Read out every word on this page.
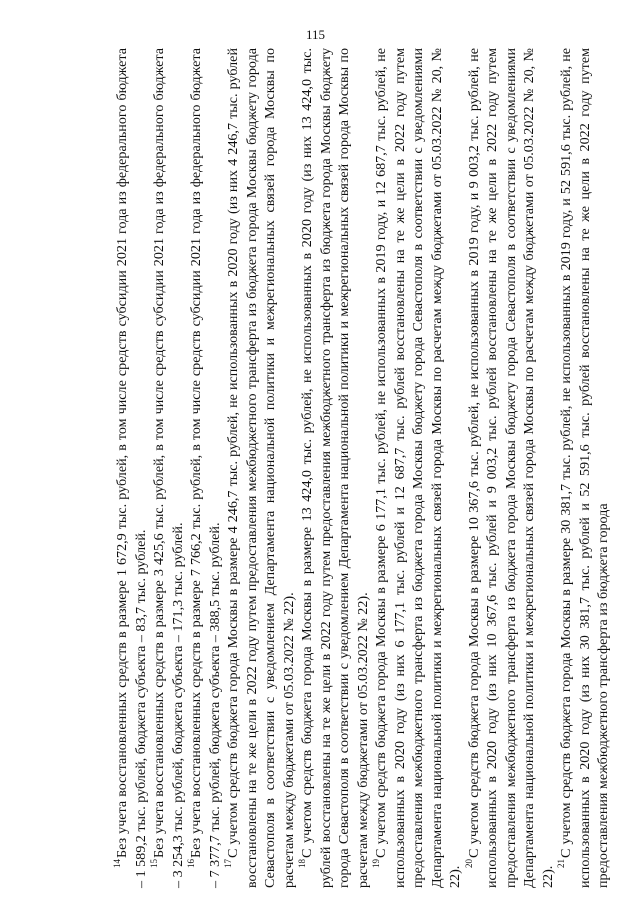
115

$^{14}$Без учета восстановленных средств в размере 1 672,9 тыс. рублей, в том числе средств субсидии 2021 года из федерального бюджета – 1 589,2 тыс. рублей, бюджета субъекта – 83,7 тыс. рублей. $^{15}$Без учета восстановленных средств в размере 3 425,6 тыс. рублей, в том числе средств субсидии 2021 года из федерального бюджета – 3 254,3 тыс. рублей, бюджета субъекта – 171,3 тыс. рублей. $^{16}$Без учета восстановленных средств в размере 7 766,2 тыс. рублей, в том числе средств субсидии 2021 года из федерального бюджета – 7 377,7 тыс. рублей, бюджета субъекта – 388,5 тыс. рублей. $^{17}$С учетом средств бюджета города Москвы в размере 4 246,7 тыс. рублей, не использованных в 2020 году (из них 4 246,7 тыс. рублей восстановлены на те же цели в 2022 году путем предоставления межбюджетного трансферта из бюджета города Москвы бюджету города Севастополя в соответствии с уведомлением Департамента национальной политики и межрегиональных связей города Москвы по расчетам между бюджетами от 05.03.2022 № 22). $^{18}$С учетом средств бюджета города Москвы в размере 13 424,0 тыс. рублей, не использованных в 2020 году (из них 13 424,0 тыс. рублей восстановлены на те же цели в 2022 году путем предоставления межбюджетного трансферта из бюджета города Москвы бюджету города Севастополя в соответствии с уведомлением Департамента национальной политики и межрегиональных связей города Москвы по расчетам между бюджетами от 05.03.2022 № 22). $^{19}$С учетом средств бюджета города Москвы в размере 6 177,1 тыс. рублей, не использованных в 2019 году, и 12 687,7 тыс. рублей, не использованных в 2020 году (из них 6 177,1 тыс. рублей и 12 687,7 тыс. рублей восстановлены на те же цели в 2022 году путем предоставления межбюджетного трансферта из бюджета города Москвы бюджету города Севастополя в соответствии с уведомлениями Департамента национальной политики и межрегиональных связей города Москвы по расчетам между бюджетами от 05.03.2022 № 20, № 22).

$^{20}$С учетом средств бюджета города Москвы в размере 10 367,6 тыс. рублей, не использованных в 2019 году, и 9 003,2 тыс. рублей, не использованных в 2020 году (из них 10 367,6 тыс. рублей и 9 003,2 тыс. рублей восстановлены на те же цели в 2022 году путем предоставления межбюджетного трансферта из бюджета города Москвы бюджету города Севастополя в соответствии с уведомлениями Департамента национальной политики и межрегиональных связей города Москвы по расчетам между бюджетами от 05.03.2022 № 20, № 22).

$^{21}$С учетом средств бюджета города Москвы в размере 30 381,7 тыс. рублей, не использованных в 2019 году, и 52 591,6 тыс. рублей, не использованных в 2020 году (из них 30 381,7 тыс. рублей и 52 591,6 тыс. рублей восстановлены на те же цели в 2022 году путем предоставления межбюджетного трансферта из бюджета города
